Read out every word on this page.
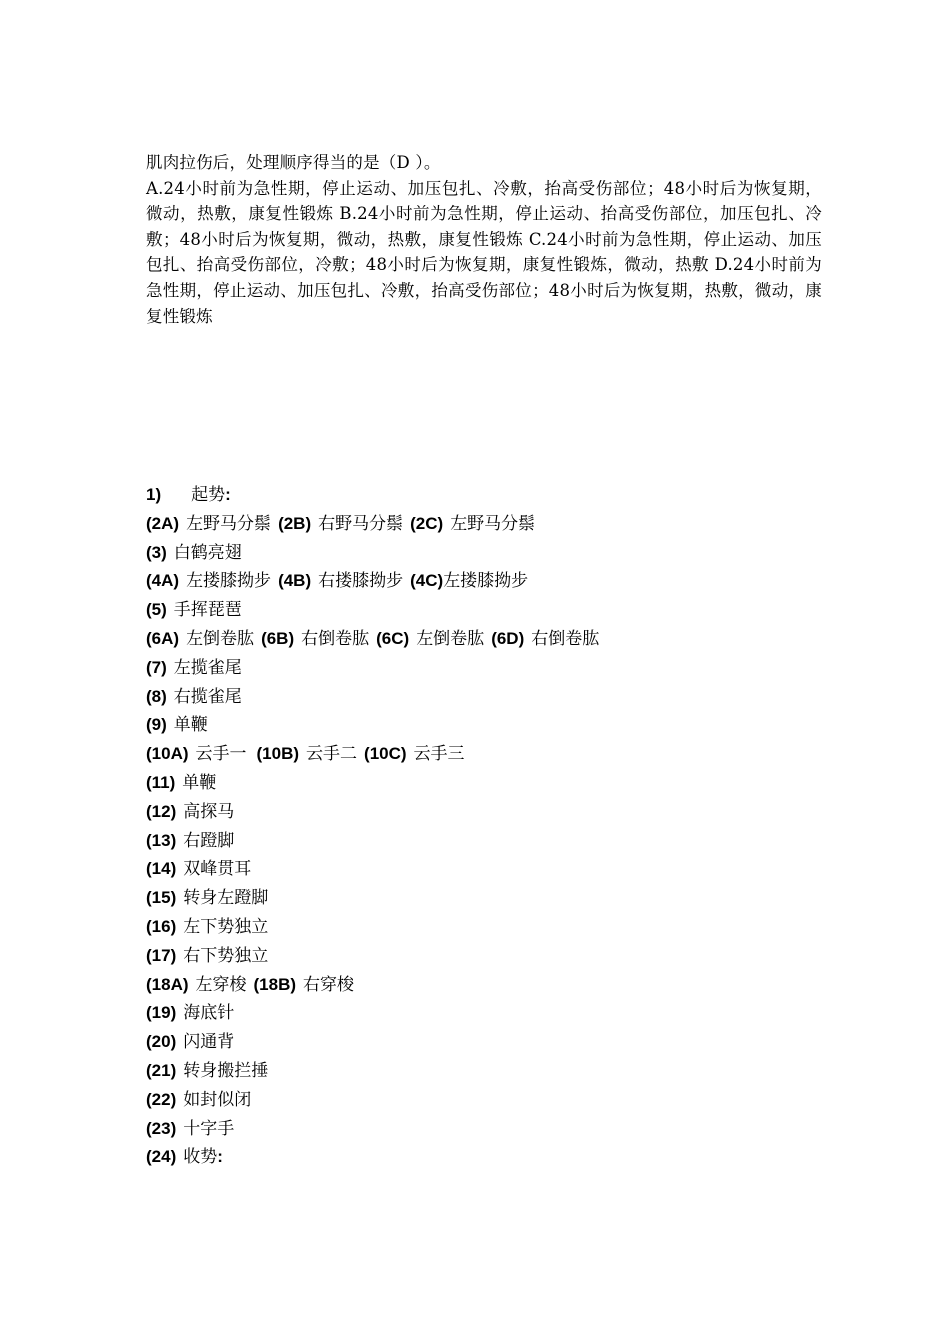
肌肉拉伤后，处理顺序得当的是（D ）。

A.24小时前为急性期，停止运动、加压包扎、冷敷，抬高受伤部位；48小时后为恢复期，微动，热敷，康复性锻炼 B.24小时前为急性期，停止运动、抬高受伤部位，加压包扎、冷敷；48小时后为恢复期，微动，热敷，康复性锻炼 C.24小时前为急性期，停止运动、加压包扎、抬高受伤部位，冷敷；48小时后为恢复期，康复性锻炼，微动，热敷 D.24小时前为急性期，停止运动、加压包扎、冷敷，抬高受伤部位；48小时后为恢复期，热敷，微动，康复性锻炼

1) 起势:
(2A) 左野马分鬃 (2B) 右野马分鬃 (2C) 左野马分鬃
(3) 白鹤亮翅
(4A) 左搂膝拗步 (4B) 右搂膝拗步 (4C)左搂膝拗步
(5) 手挥琵琶
(6A) 左倒卷肱 (6B) 右倒卷肱 (6C) 左倒卷肱 (6D) 右倒卷肱
(7) 左揽雀尾
(8) 右揽雀尾
(9) 单鞭
(10A) 云手一 (10B) 云手二 (10C) 云手三
(11) 单鞭
(12) 高探马
(13) 右蹬脚
(14) 双峰贯耳
(15) 转身左蹬脚
(16) 左下势独立
(17) 右下势独立
(18A) 左穿梭 (18B) 右穿梭
(19) 海底针
(20) 闪通背
(21) 转身搬拦捶
(22) 如封似闭
(23) 十字手
(24) 收势:
